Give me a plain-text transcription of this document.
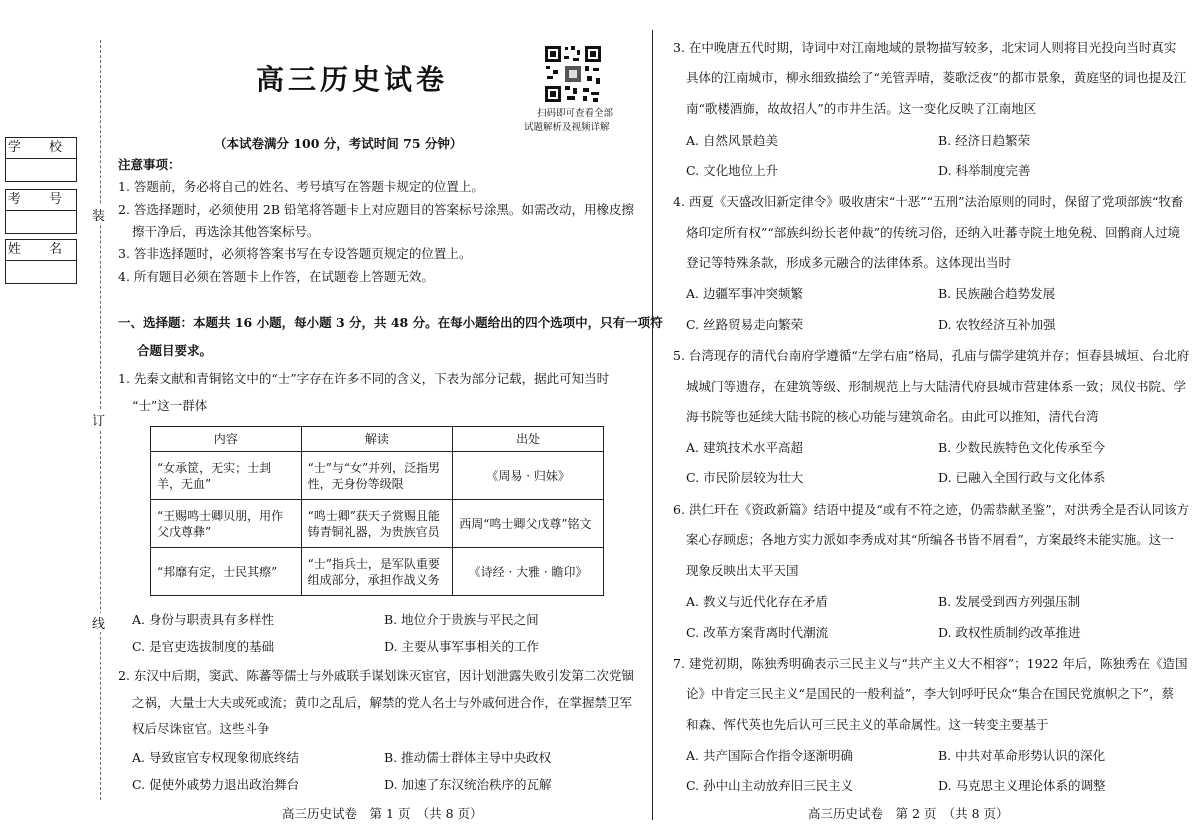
装
订
线
学 校
考 号
姓 名
高三历史试卷
扫码即可查看全部
试题解析及视频详解
（本试卷满分 100 分，考试时间 75 分钟）
注意事项：
1. 答题前，务必将自己的姓名、考号填写在答题卡规定的位置上。
2. 答选择题时，必须使用 2B 铅笔将答题卡上对应题目的答案标号涂黑。如需改动，用橡皮擦
擦干净后，再选涂其他答案标号。
3. 答非选择题时，必须将答案书写在专设答题页规定的位置上。
4. 所有题目必须在答题卡上作答，在试题卷上答题无效。
一、选择题：本题共 16 小题，每小题 3 分，共 48 分。在每小题给出的四个选项中，只有一项符
合题目要求。
1. 先秦文献和青铜铭文中的“士”字存在许多不同的含义，下表为部分记载，据此可知当时
“士”这一群体
内容	解读	出处
“女承筐，无实；士刲羊，无血”	“士”与“女”并列，泛指男性，无身份等级限	《周易 · 归妹》
“王赐鸣士卿贝朋，用作父戊尊彝”	“鸣士卿”获天子赏赐且能铸青铜礼器，为贵族官员	西周“鸣士卿父戊尊”铭文
“邦靡有定，士民其瘵”	“士”指兵士，是军队重要组成部分，承担作战义务	《诗经 · 大雅 · 瞻卬》
A. 身份与职责具有多样性	B. 地位介于贵族与平民之间
C. 是官吏选拔制度的基础	D. 主要从事军事相关的工作
2. 东汉中后期，窦武、陈蕃等儒士与外戚联手谋划诛灭宦官，因计划泄露失败引发第二次党锢
之祸，大量士大夫或死或流；黄巾之乱后，解禁的党人名士与外戚何进合作，在掌握禁卫军
权后尽诛宦官。这些斗争
A. 导致宦官专权现象彻底终结	B. 推动儒士群体主导中央政权
C. 促使外戚势力退出政治舞台	D. 加速了东汉统治秩序的瓦解
高三历史试卷　第 1 页　（共 8 页）
3. 在中晚唐五代时期，诗词中对江南地域的景物描写较多，北宋词人则将目光投向当时真实
具体的江南城市，柳永细致描绘了“羌管弄晴，菱歌泛夜”的都市景象，黄庭坚的词也提及江
南“歌楼酒旆，故故招人”的市井生活。这一变化反映了江南地区
A. 自然风景趋美	B. 经济日趋繁荣
C. 文化地位上升	D. 科举制度完善
4. 西夏《天盛改旧新定律令》吸收唐宋“十恶”“五刑”法治原则的同时，保留了党项部族“牧畜
烙印定所有权”“部族纠纷长老仲裁”的传统习俗，还纳入吐蕃寺院土地免税、回鹘商人过境
登记等特殊条款，形成多元融合的法律体系。这体现出当时
A. 边疆军事冲突频繁	B. 民族融合趋势发展
C. 丝路贸易走向繁荣	D. 农牧经济互补加强
5. 台湾现存的清代台南府学遵循“左学右庙”格局，孔庙与儒学建筑并存；恒春县城垣、台北府
城城门等遗存，在建筑等级、形制规范上与大陆清代府县城市营建体系一致；凤仪书院、学
海书院等也延续大陆书院的核心功能与建筑命名。由此可以推知，清代台湾
A. 建筑技术水平高超	B. 少数民族特色文化传承至今
C. 市民阶层较为壮大	D. 已融入全国行政与文化体系
6. 洪仁玕在《资政新篇》结语中提及“或有不符之迹，仍需恭献圣鉴”，对洪秀全是否认同该方
案心存顾虑；各地方实力派如李秀成对其“所编各书皆不屑看”，方案最终未能实施。这一
现象反映出太平天国
A. 教义与近代化存在矛盾	B. 发展受到西方列强压制
C. 改革方案背离时代潮流	D. 政权性质制约改革推进
7. 建党初期，陈独秀明确表示三民主义与“共产主义大不相容”；1922 年后，陈独秀在《造国
论》中肯定三民主义“是国民的一般利益”，李大钊呼吁民众“集合在国民党旗帜之下”，蔡
和森、恽代英也先后认可三民主义的革命属性。这一转变主要基于
A. 共产国际合作指令逐渐明确	B. 中共对革命形势认识的深化
C. 孙中山主动放弃旧三民主义	D. 马克思主义理论体系的调整
高三历史试卷　第 2 页　（共 8 页）
